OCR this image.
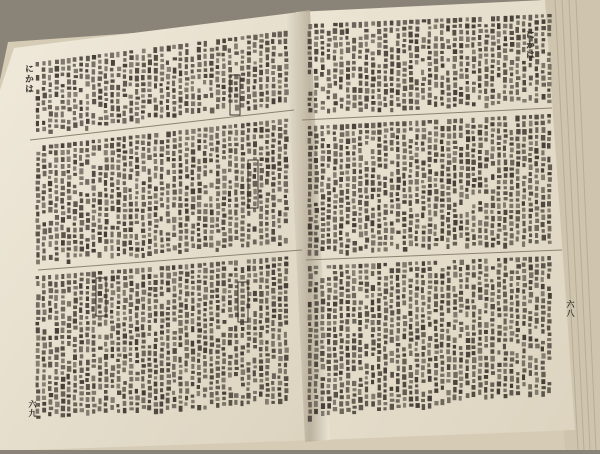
にかは
六九
にかは
六八
